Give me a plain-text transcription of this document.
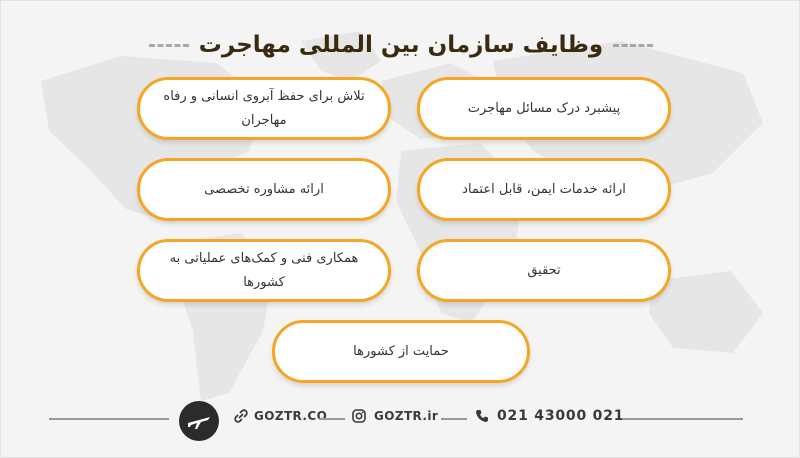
وظایف سازمان بین المللی مهاجرت
پیشبرد درک مسائل مهاجرت
تلاش برای حفظ آبروی انسانی و رفاه مهاجران
ارائه خدمات ایمن، قابل اعتماد
ارائه مشاوره تخصصی
تحقیق
همکاری فنی و کمک‌های عملیاتی به کشورها
حمایت از کشورها
GOZTR.CO	GOZTR.ir	021 43000 021
